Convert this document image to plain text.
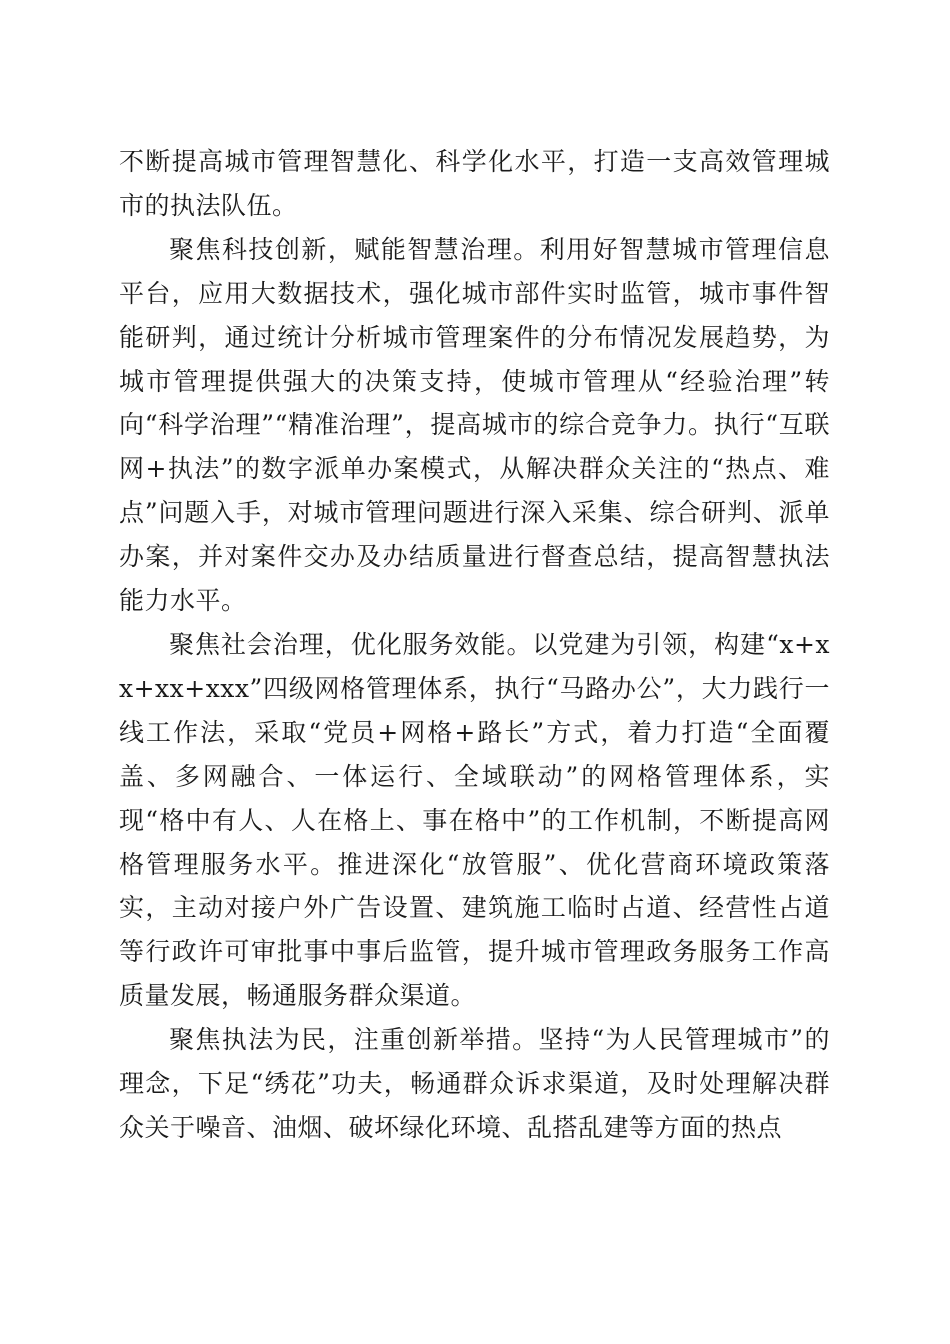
不断提高城市管理智慧化、科学化水平，打造一支高效管理城市的执法队伍。

聚焦科技创新，赋能智慧治理。利用好智慧城市管理信息平台，应用大数据技术，强化城市部件实时监管，城市事件智能研判，通过统计分析城市管理案件的分布情况发展趋势，为城市管理提供强大的决策支持，使城市管理从“经验治理”转向“科学治理”“精准治理”，提高城市的综合竞争力。执行“互联网+执法”的数字派单办案模式，从解决群众关注的“热点、难点”问题入手，对城市管理问题进行深入采集、综合研判、派单办案，并对案件交办及办结质量进行督查总结，提高智慧执法能力水平。

聚焦社会治理，优化服务效能。以党建为引领，构建“x+xx+xx+xxx”四级网格管理体系，执行“马路办公”，大力践行一线工作法，采取“党员+网格+路长”方式，着力打造“全面覆盖、多网融合、一体运行、全域联动”的网格管理体系，实现“格中有人、人在格上、事在格中”的工作机制，不断提高网格管理服务水平。推进深化“放管服”、优化营商环境政策落实，主动对接户外广告设置、建筑施工临时占道、经营性占道等行政许可审批事中事后监管，提升城市管理政务服务工作高质量发展，畅通服务群众渠道。

聚焦执法为民，注重创新举措。坚持“为人民管理城市”的理念，下足“绣花”功夫，畅通群众诉求渠道，及时处理解决群众关于噪音、油烟、破坏绿化环境、乱搭乱建等方面的热点
